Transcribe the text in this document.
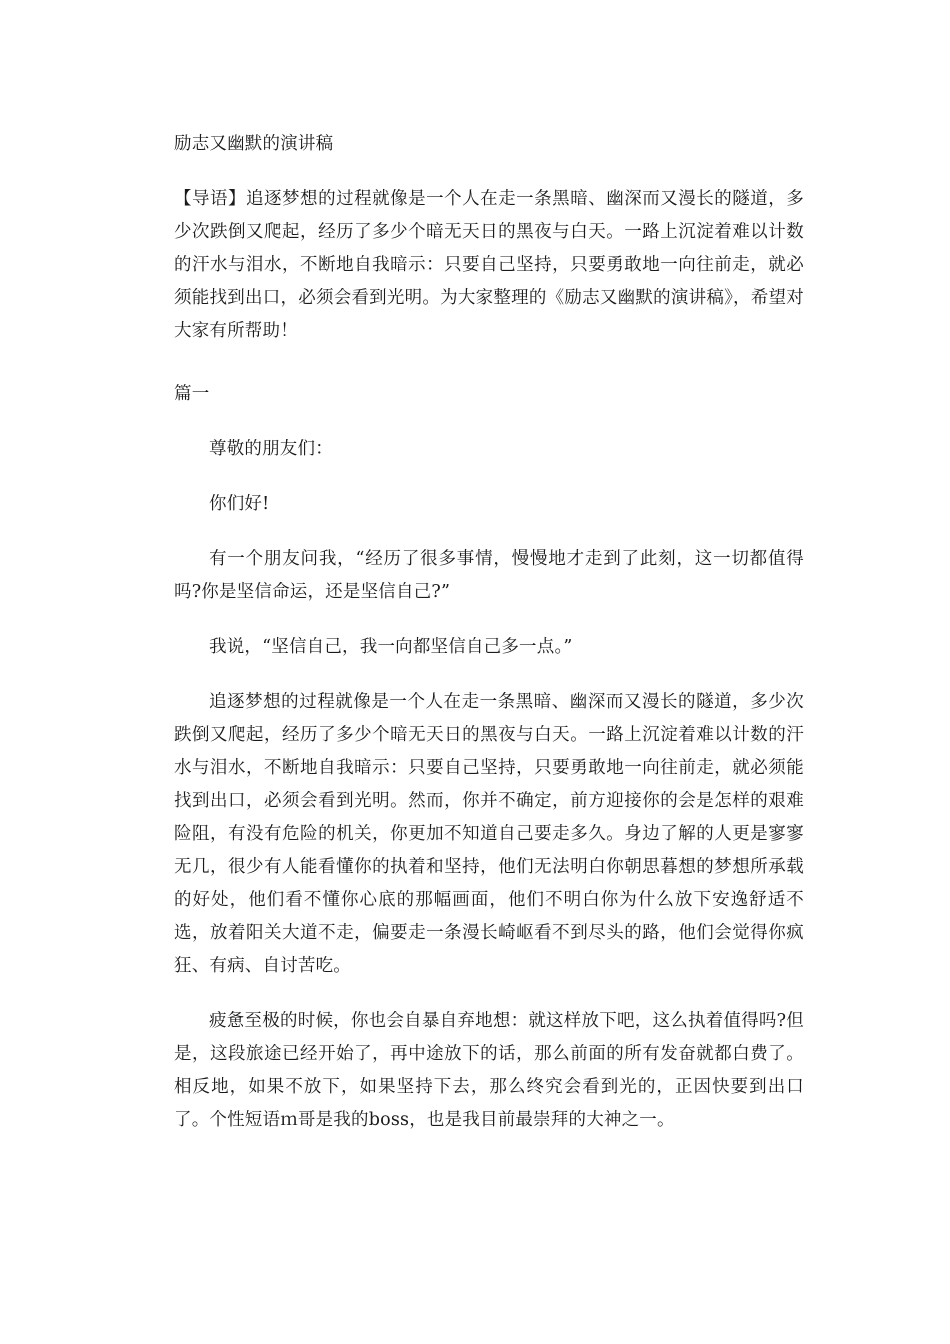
励志又幽默的演讲稿
【导语】追逐梦想的过程就像是一个人在走一条黑暗、幽深而又漫长的隧道，多少次跌倒又爬起，经历了多少个暗无天日的黑夜与白天。一路上沉淀着难以计数的汗水与泪水，不断地自我暗示：只要自己坚持，只要勇敢地一向往前走，就必须能找到出口，必须会看到光明。为大家整理的《励志又幽默的演讲稿》，希望对大家有所帮助！
篇一
尊敬的朋友们：
你们好!
有一个朋友问我，“经历了很多事情，慢慢地才走到了此刻，这一切都值得吗?你是坚信命运，还是坚信自己?”
我说，“坚信自己，我一向都坚信自己多一点。”
追逐梦想的过程就像是一个人在走一条黑暗、幽深而又漫长的隧道，多少次跌倒又爬起，经历了多少个暗无天日的黑夜与白天。一路上沉淀着难以计数的汗水与泪水，不断地自我暗示：只要自己坚持，只要勇敢地一向往前走，就必须能找到出口，必须会看到光明。然而，你并不确定，前方迎接你的会是怎样的艰难险阻，有没有危险的机关，你更加不知道自己要走多久。身边了解的人更是寥寥无几，很少有人能看懂你的执着和坚持，他们无法明白你朝思暮想的梦想所承载的好处，他们看不懂你心底的那幅画面，他们不明白你为什么放下安逸舒适不选，放着阳关大道不走，偏要走一条漫长崎岖看不到尽头的路，他们会觉得你疯狂、有病、自讨苦吃。
疲惫至极的时候，你也会自暴自弃地想：就这样放下吧，这么执着值得吗?但是，这段旅途已经开始了，再中途放下的话，那么前面的所有发奋就都白费了。相反地，如果不放下，如果坚持下去，那么终究会看到光的，正因快要到出口了。个性短语ｍ哥是我的boss，也是我目前最崇拜的大神之一。
